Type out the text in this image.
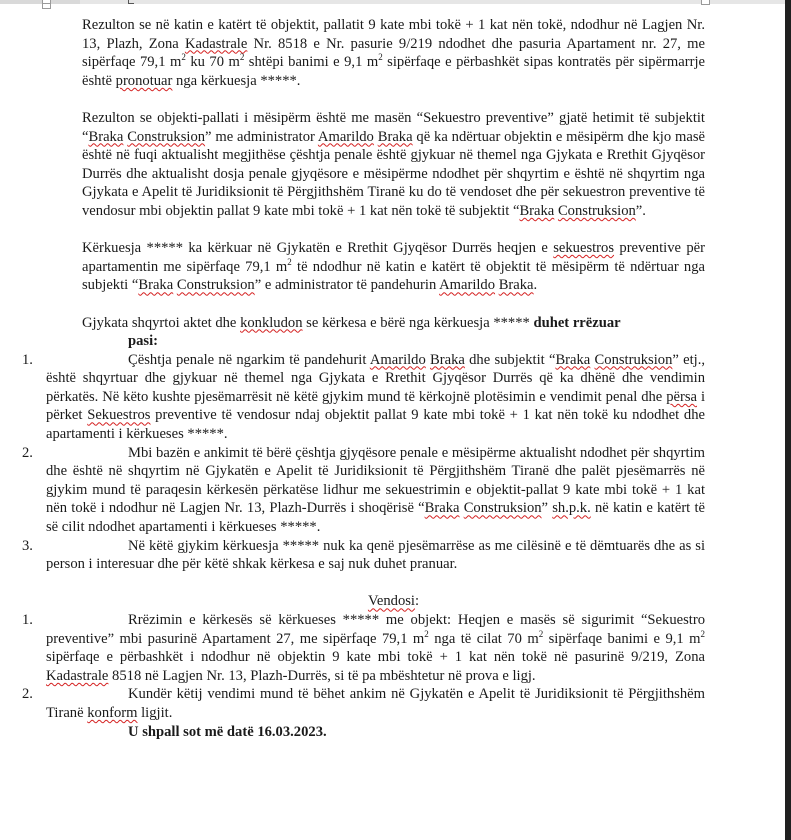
Rezulton se në katin e katërt të objektit, pallatit 9 kate mbi tokë + 1 kat nën tokë, ndodhur në Lagjen Nr. 13, Plazh, Zona Kadastrale Nr. 8518 e Nr. pasurie 9/219 ndodhet dhe pasuria Apartament nr. 27, me sipërfaqe 79,1 $m^2$ ku 70 $m^2$ shtëpi banimi e 9,1 $m^2$ sipërfaqe e përbashkët sipas kontratës për sipërmarrje është pronotuar nga kërkuesja *****.

Rezulton se objekti-pallati i mësipërm është me masën “Sekuestro preventive” gjatë hetimit të subjektit “Braka Construksion” me administrator Amarildo Braka që ka ndërtuar objektin e mësipërm dhe kjo masë është në fuqi aktualisht megjithëse çështja penale është gjykuar në themel nga Gjykata e Rrethit Gjyqësor Durrës dhe aktualisht dosja penale gjyqësore e mësipërme ndodhet për shqyrtim e është në shqyrtim nga Gjykata e Apelit të Juridiksionit të Përgjithshëm Tiranë ku do të vendoset dhe për sekuestron preventive të vendosur mbi objektin pallat 9 kate mbi tokë + 1 kat nën tokë të subjektit “Braka Construksion”.

Kërkuesja ***** ka kërkuar në Gjykatën e Rrethit Gjyqësor Durrës heqjen e sekuestros preventive për apartamentin me sipërfaqe 79,1 $m^2$ të ndodhur në katin e katërt të objektit të mësipërm të ndërtuar nga subjekti “Braka Construksion” e administrator të pandehurin Amarildo Braka.

Gjykata shqyrtoi aktet dhe konkludon se kërkesa e bërë nga kërkuesja ***** duhet rrëzuar

pasi:

1.	Çështja penale në ngarkim të pandehurit Amarildo Braka dhe subjektit “Braka Construksion” etj., është shqyrtuar dhe gjykuar në themel nga Gjykata e Rrethit Gjyqësor Durrës që ka dhënë dhe vendimin përkatës. Në këto kushte pjesëmarrësit në këtë gjykim mund të kërkojnë plotësimin e vendimit penal dhe përsa i përket Sekuestros preventive të vendosur ndaj objektit pallat 9 kate mbi tokë + 1 kat nën tokë ku ndodhet dhe apartamenti i kërkueses *****.

2.	Mbi bazën e ankimit të bërë çështja gjyqësore penale e mësipërme aktualisht ndodhet për shqyrtim dhe është në shqyrtim në Gjykatën e Apelit të Juridiksionit të Përgjithshëm Tiranë dhe palët pjesëmarrës në gjykim mund të paraqesin kërkesën përkatëse lidhur me sekuestrimin e objektit-pallat 9 kate mbi tokë + 1 kat nën tokë i ndodhur në Lagjen Nr. 13, Plazh-Durrës i shoqërisë “Braka Construksion” sh.p.k. në katin e katërt të së cilit ndodhet apartamenti i kërkueses *****.

3.	Në këtë gjykim kërkuesja ***** nuk ka qenë pjesëmarrëse as me cilësinë e të dëmtuarës dhe as si person i interesuar dhe për këtë shkak kërkesa e saj nuk duhet pranuar.

Vendosi:

1.	Rrëzimin e kërkesës së kërkueses ***** me objekt: Heqjen e masës së sigurimit “Sekuestro preventive” mbi pasurinë Apartament 27, me sipërfaqe 79,1 $m^2$ nga të cilat 70 $m^2$ sipërfaqe banimi e 9,1 $m^2$ sipërfaqe e përbashkët i ndodhur në objektin 9 kate mbi tokë + 1 kat nën tokë në pasurinë 9/219, Zona Kadastrale 8518 në Lagjen Nr. 13, Plazh-Durrës, si të pa mbështetur në prova e ligj.

2.	Kundër këtij vendimi mund të bëhet ankim në Gjykatën e Apelit të Juridiksionit të Përgjithshëm Tiranë konform ligjit.

U shpall sot më datë 16.03.2023.
